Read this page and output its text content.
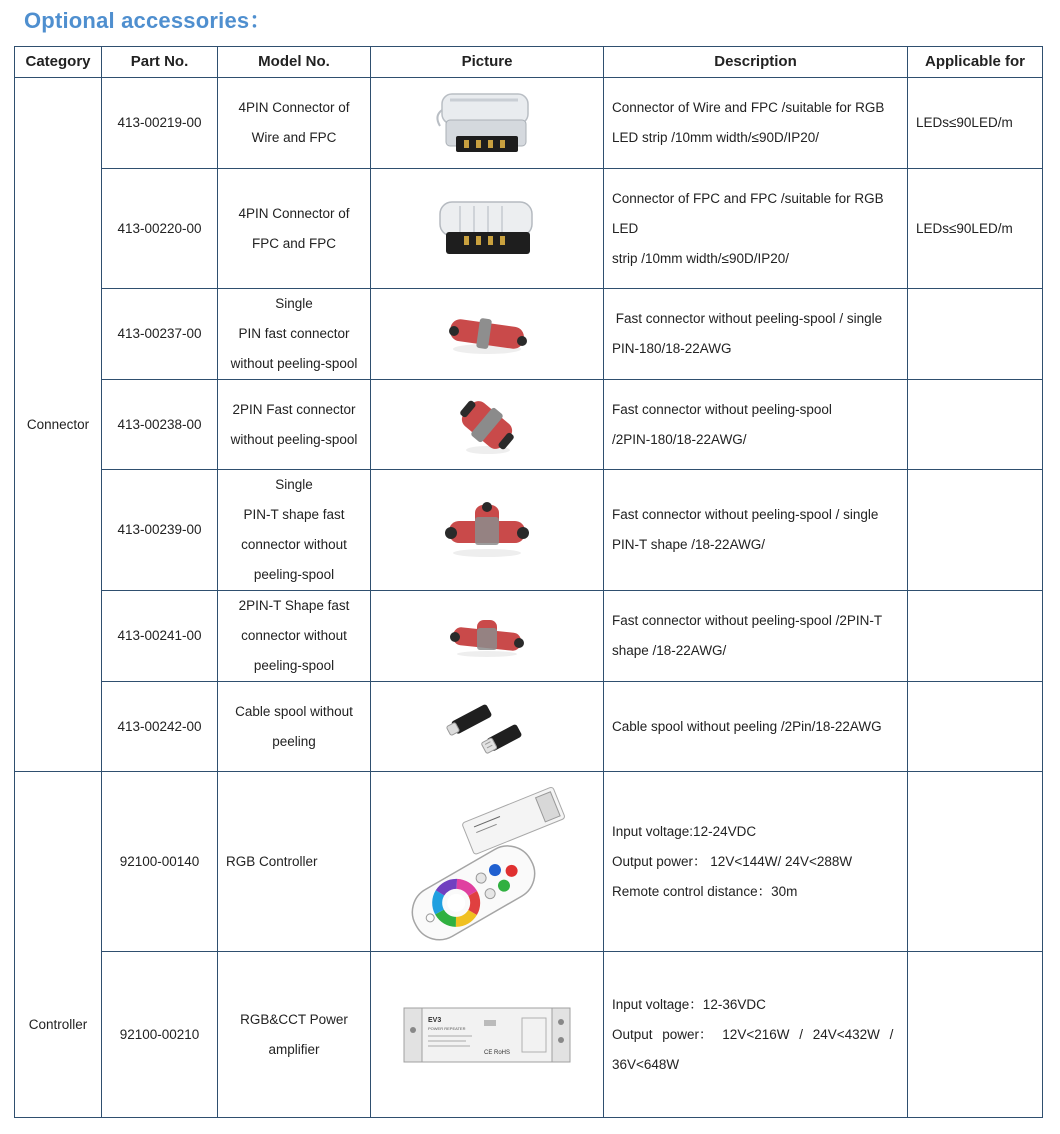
Optional accessories：
Category	Part No.	Model No.	Picture	Description	Applicable for
Connector	413-00219-00	4PIN Connector of
Wire and FPC		Connector of Wire and FPC /suitable for RGB
LED strip /10mm width/≤90D/IP20/	LEDs≤90LED/m
	413-00220-00	4PIN Connector of
FPC and FPC		Connector of FPC and FPC /suitable for RGB LED
strip /10mm width/≤90D/IP20/	LEDs≤90LED/m
	413-00237-00	Single
PIN fast connector
without peeling-spool		Fast connector without peeling-spool / single
PIN-180/18-22AWG	

	413-00238-00	2PIN Fast connector
without peeling-spool		Fast connector without peeling-spool
/2PIN-180/18-22AWG/	

	413-00239-00	Single
PIN-T shape fast
connector without
peeling-spool		Fast connector without peeling-spool / single
PIN-T shape /18-22AWG/	

	413-00241-00	2PIN-T Shape fast
connector without
peeling-spool		Fast connector without peeling-spool /2PIN-T
shape /18-22AWG/	

	413-00242-00	Cable spool without
peeling		Cable spool without peeling /2Pin/18-22AWG	

Controller	92100-00140	RGB Controller		Input voltage:12-24VDC
Output power： 12V<144W/ 24V<288W
Remote control distance：30m	

	92100-00210	RGB&CCT Power
amplifier	EV3
POWER REPEATER
CE RoHS	Input voltage：12-36VDC
Output power： 12V<216W / 24V<432W /
36V<648W	
